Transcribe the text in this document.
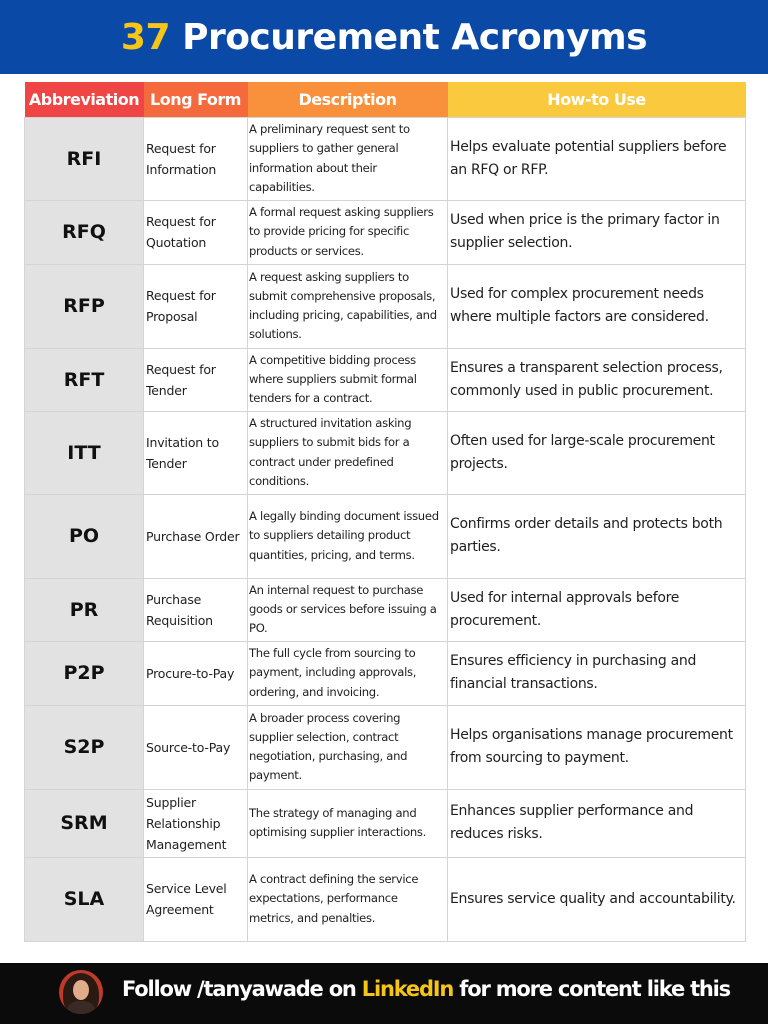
37 Procurement Acronyms
Abbreviation	Long Form	Description	How-to Use
RFI	Request for Information	A preliminary request sent to suppliers to gather general information about their capabilities.	Helps evaluate potential suppliers before an RFQ or RFP.
RFQ	Request for Quotation	A formal request asking suppliers to provide pricing for specific products or services.	Used when price is the primary factor in supplier selection.
RFP	Request for Proposal	A request asking suppliers to submit comprehensive proposals, including pricing, capabilities, and solutions.	Used for complex procurement needs where multiple factors are considered.
RFT	Request for Tender	A competitive bidding process where suppliers submit formal tenders for a contract.	Ensures a transparent selection process, commonly used in public procurement.
ITT	Invitation to Tender	A structured invitation asking suppliers to submit bids for a contract under predefined conditions.	Often used for large-scale procurement projects.
PO	Purchase Order	A legally binding document issued to suppliers detailing product quantities, pricing, and terms.	Confirms order details and protects both parties.
PR	Purchase Requisition	An internal request to purchase goods or services before issuing a PO.	Used for internal approvals before procurement.
P2P	Procure-to-Pay	The full cycle from sourcing to payment, including approvals, ordering, and invoicing.	Ensures efficiency in purchasing and financial transactions.
S2P	Source-to-Pay	A broader process covering supplier selection, contract negotiation, purchasing, and payment.	Helps organisations manage procurement from sourcing to payment.
SRM	Supplier Relationship Management	The strategy of managing and optimising supplier interactions.	Enhances supplier performance and reduces risks.
SLA	Service Level Agreement	A contract defining the service expectations, performance metrics, and penalties.	Ensures service quality and accountability.
Follow /tanyawade on LinkedIn for more content like this
